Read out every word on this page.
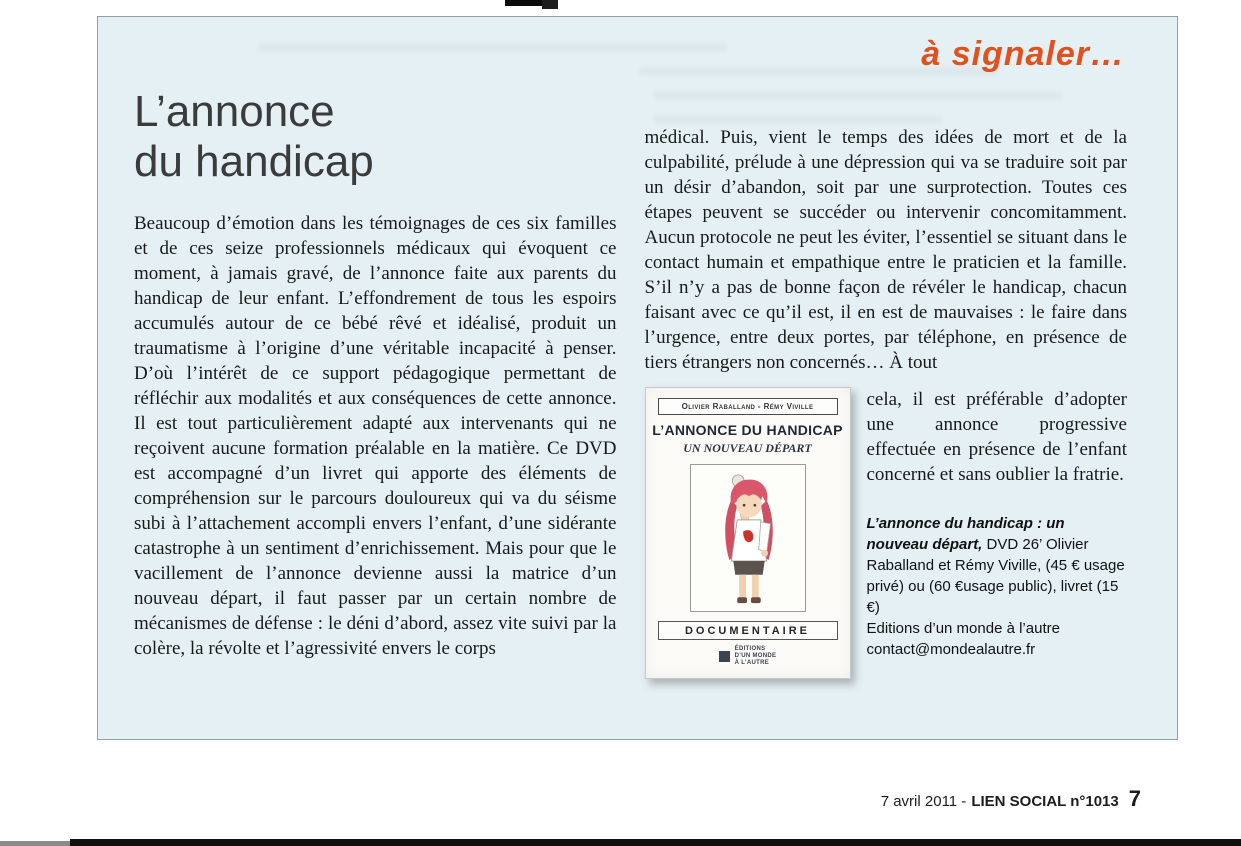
à signaler…
L’annonce
du handicap

Beaucoup d’émotion dans les témoignages de ces six familles et de ces seize professionnels médicaux qui évoquent ce moment, à jamais gravé, de l’annonce faite aux parents du handicap de leur enfant. L’effondrement de tous les espoirs accumulés autour de ce bébé rêvé et idéalisé, produit un traumatisme à l’origine d’une véritable incapacité à penser. D’où l’intérêt de ce support pédagogique permettant de réfléchir aux modalités et aux conséquences de cette annonce. Il est tout particulièrement adapté aux intervenants qui ne reçoivent aucune formation préalable en la matière. Ce DVD est accompagné d’un livret qui apporte des éléments de compréhension sur le parcours douloureux qui va du séisme subi à l’attachement accompli envers l’enfant, d’une sidérante catastrophe à un sentiment d’enrichissement. Mais pour que le vacillement de l’annonce devienne aussi la matrice d’un nouveau départ, il faut passer par un certain nombre de mécanismes de défense : le déni d’abord, assez vite suivi par la colère, la révolte et l’agressivité envers le corps

médical. Puis, vient le temps des idées de mort et de la culpabilité, prélude à une dépression qui va se traduire soit par un désir d’abandon, soit par une surprotection. Toutes ces étapes peuvent se succéder ou intervenir concomitamment. Aucun protocole ne peut les éviter, l’essentiel se situant dans le contact humain et empathique entre le praticien et la famille. S’il n’y a pas de bonne façon de révéler le handicap, chacun faisant avec ce qu’il est, il en est de mauvaises : le faire dans l’urgence, entre deux portes, par téléphone, en présence de tiers étrangers non concernés… À tout

Olivier Raballand - Rémy Viville
L’ANNONCE DU HANDICAP
UN NOUVEAU DÉPART
DOCUMENTAIRE
ÉDITIONS
D’UN MONDE
À L’AUTRE

cela, il est préférable d’adopter une annonce progressive effectuée en présence de l’enfant concerné et sans oublier la fratrie.

L’annonce du handicap : un nouveau départ, DVD 26’ Olivier Raballand et Rémy Viville, (45 € usage privé) ou (60 €usage public), livret (15 €)
Editions d’un monde à l’autre
contact@mondealautre.fr

7 avril 2011 - LIEN SOCIAL n°1013 7
